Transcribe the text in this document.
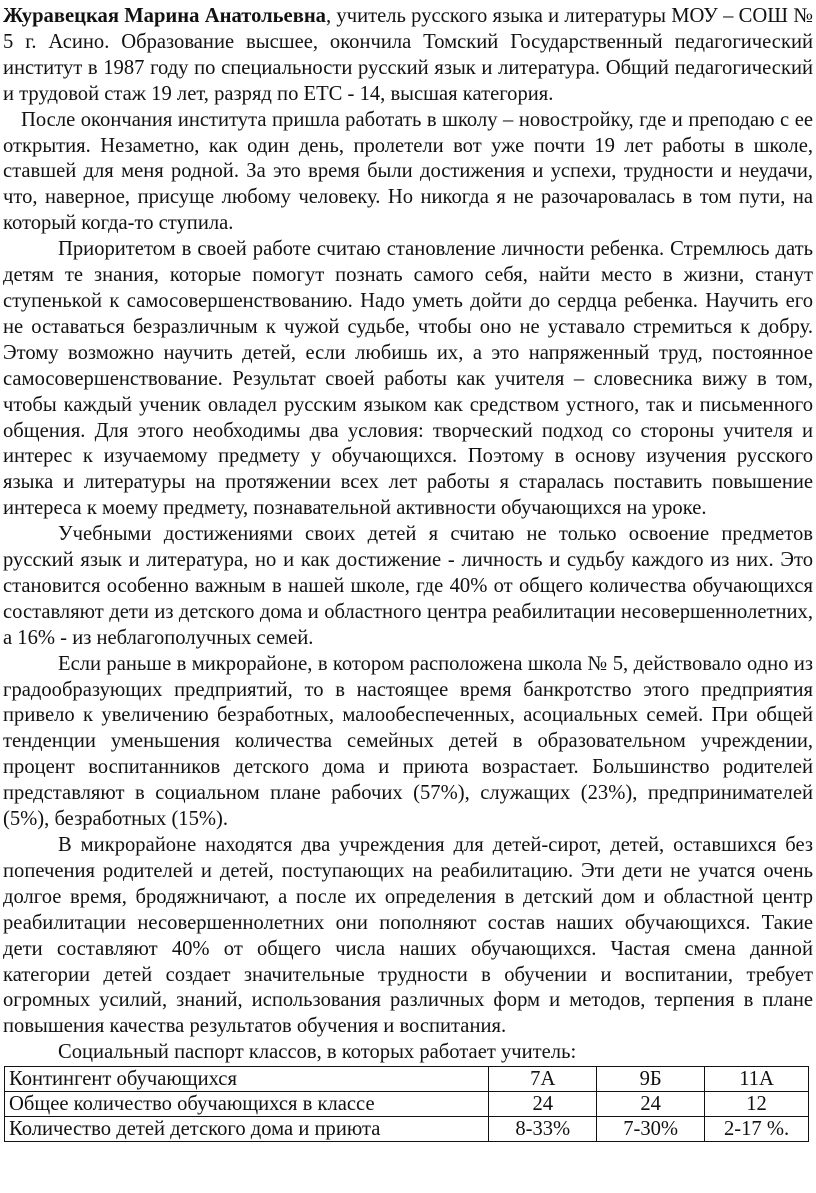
Журавецкая Марина Анатольевна, учитель русского языка и литературы МОУ – СОШ № 5 г. Асино. Образование высшее, окончила Томский Государственный педагогический институт в 1987 году по специальности русский язык и литература. Общий педагогический и трудовой стаж 19 лет, разряд по ЕТС - 14, высшая категория.

После окончания института пришла работать в школу – новостройку, где и преподаю с ее открытия. Незаметно, как один день, пролетели вот уже почти 19 лет работы в школе, ставшей для меня родной. За это время были достижения и успехи, трудности и неудачи, что, наверное, присуще любому человеку. Но никогда я не разочаровалась в том пути, на который когда-то ступила.

Приоритетом в своей работе считаю становление личности ребенка. Стремлюсь дать детям те знания, которые помогут познать самого себя, найти место в жизни, станут ступенькой к самосовершенствованию. Надо уметь дойти до сердца ребенка. Научить его не оставаться безразличным к чужой судьбе, чтобы оно не уставало стремиться к добру. Этому возможно научить детей, если любишь их, а это напряженный труд, постоянное самосовершенствование. Результат своей работы как учителя – словесника вижу в том, чтобы каждый ученик овладел русским языком как средством устного, так и письменного общения. Для этого необходимы два условия: творческий подход со стороны учителя и интерес к изучаемому предмету у обучающихся. Поэтому в основу изучения русского языка и литературы на протяжении всех лет работы я старалась поставить повышение интереса к моему предмету, познавательной активности обучающихся на уроке.

Учебными достижениями своих детей я считаю не только освоение предметов русский язык и литература, но и как достижение - личность и судьбу каждого из них. Это становится особенно важным в нашей школе, где 40% от общего количества обучающихся составляют дети из детского дома и областного центра реабилитации несовершеннолетних, а 16% - из неблагополучных семей.

Если раньше в микрорайоне, в котором расположена школа № 5, действовало одно из градообразующих предприятий, то в настоящее время банкротство этого предприятия привело к увеличению безработных, малообеспеченных, асоциальных семей. При общей тенденции уменьшения количества семейных детей в образовательном учреждении, процент воспитанников детского дома и приюта возрастает. Большинство родителей представляют в социальном плане рабочих (57%), служащих (23%), предпринимателей (5%), безработных (15%).

В микрорайоне находятся два учреждения для детей-сирот, детей, оставшихся без попечения родителей и детей, поступающих на реабилитацию. Эти дети не учатся очень долгое время, бродяжничают, а после их определения в детский дом и областной центр реабилитации несовершеннолетних они пополняют состав наших обучающихся. Такие дети составляют 40% от общего числа наших обучающихся. Частая смена данной категории детей создает значительные трудности в обучении и воспитании, требует огромных усилий, знаний, использования различных форм и методов, терпения в плане повышения качества результатов обучения и воспитания.

Социальный паспорт классов, в которых работает учитель:

Контингент обучающихся	7А	9Б	11А
Общее количество обучающихся в классе	24	24	12
Количество детей детского дома и приюта	8-33%	7-30%	2-17 %.
